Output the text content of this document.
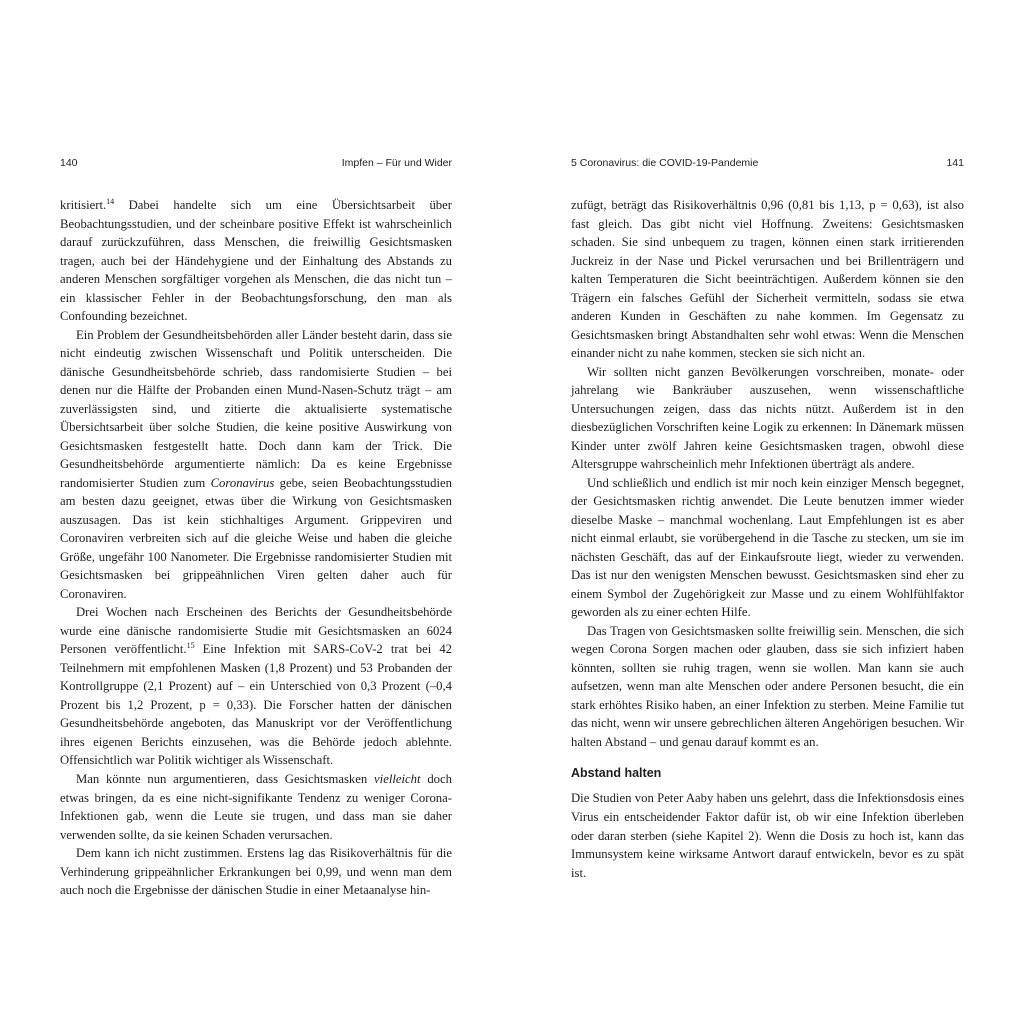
140	Impfen – Für und Wider

kritisiert.$^{14}$ Dabei handelte sich um eine Übersichtsarbeit über Beobachtungsstudien, und der scheinbare positive Effekt ist wahrscheinlich darauf zurückzuführen, dass Menschen, die freiwillig Gesichtsmasken tragen, auch bei der Händehygiene und der Einhaltung des Abstands zu anderen Menschen sorgfältiger vorgehen als Menschen, die das nicht tun – ein klassischer Fehler in der Beobachtungsforschung, den man als Confounding bezeichnet.

Ein Problem der Gesundheitsbehörden aller Länder besteht darin, dass sie nicht eindeutig zwischen Wissenschaft und Politik unterscheiden. Die dänische Gesundheitsbehörde schrieb, dass randomisierte Studien – bei denen nur die Hälfte der Probanden einen Mund-Nasen-Schutz trägt – am zuverlässigsten sind, und zitierte die aktualisierte systematische Übersichtsarbeit über solche Studien, die keine positive Auswirkung von Gesichtsmasken festgestellt hatte. Doch dann kam der Trick. Die Gesundheitsbehörde argumentierte nämlich: Da es keine Ergebnisse randomisierter Studien zum Coronavirus gebe, seien Beobachtungsstudien am besten dazu geeignet, etwas über die Wirkung von Gesichtsmasken auszusagen. Das ist kein stichhaltiges Argument. Grippeviren und Coronaviren verbreiten sich auf die gleiche Weise und haben die gleiche Größe, ungefähr 100 Nanometer. Die Ergebnisse randomisierter Studien mit Gesichtsmasken bei grippeähnlichen Viren gelten daher auch für Coronaviren.

Drei Wochen nach Erscheinen des Berichts der Gesundheitsbehörde wurde eine dänische randomisierte Studie mit Gesichtsmasken an 6024 Personen veröffentlicht.$^{15}$ Eine Infektion mit SARS-CoV-2 trat bei 42 Teilnehmern mit empfohlenen Masken (1,8 Prozent) und 53 Probanden der Kontrollgruppe (2,1 Prozent) auf – ein Unterschied von 0,3 Prozent (–0,4 Prozent bis 1,2 Prozent, p = 0,33). Die Forscher hatten der dänischen Gesundheitsbehörde angeboten, das Manuskript vor der Veröffentlichung ihres eigenen Berichts einzusehen, was die Behörde jedoch ablehnte. Offensichtlich war Politik wichtiger als Wissenschaft.

Man könnte nun argumentieren, dass Gesichtsmasken vielleicht doch etwas bringen, da es eine nicht-signifikante Tendenz zu weniger Corona-Infektionen gab, wenn die Leute sie trugen, und dass man sie daher verwenden sollte, da sie keinen Schaden verursachen.

Dem kann ich nicht zustimmen. Erstens lag das Risikoverhältnis für die Verhinderung grippeähnlicher Erkrankungen bei 0,99, und wenn man dem auch noch die Ergebnisse der dänischen Studie in einer Metaanalyse hin-

5 Coronavirus: die COVID-19-Pandemie	141

zufügt, beträgt das Risikoverhältnis 0,96 (0,81 bis 1,13, p = 0,63), ist also fast gleich. Das gibt nicht viel Hoffnung. Zweitens: Gesichtsmasken schaden. Sie sind unbequem zu tragen, können einen stark irritierenden Juckreiz in der Nase und Pickel verursachen und bei Brillenträgern und kalten Temperaturen die Sicht beeinträchtigen. Außerdem können sie den Trägern ein falsches Gefühl der Sicherheit vermitteln, sodass sie etwa anderen Kunden in Geschäften zu nahe kommen. Im Gegensatz zu Gesichtsmasken bringt Abstandhalten sehr wohl etwas: Wenn die Menschen einander nicht zu nahe kommen, stecken sie sich nicht an.

Wir sollten nicht ganzen Bevölkerungen vorschreiben, monate- oder jahrelang wie Bankräuber auszusehen, wenn wissenschaftliche Untersuchungen zeigen, dass das nichts nützt. Außerdem ist in den diesbezüglichen Vorschriften keine Logik zu erkennen: In Dänemark müssen Kinder unter zwölf Jahren keine Gesichtsmasken tragen, obwohl diese Altersgruppe wahrscheinlich mehr Infektionen überträgt als andere.

Und schließlich und endlich ist mir noch kein einziger Mensch begegnet, der Gesichtsmasken richtig anwendet. Die Leute benutzen immer wieder dieselbe Maske – manchmal wochenlang. Laut Empfehlungen ist es aber nicht einmal erlaubt, sie vorübergehend in die Tasche zu stecken, um sie im nächsten Geschäft, das auf der Einkaufsroute liegt, wieder zu verwenden. Das ist nur den wenigsten Menschen bewusst. Gesichtsmasken sind eher zu einem Symbol der Zugehörigkeit zur Masse und zu einem Wohlfühlfaktor geworden als zu einer echten Hilfe.

Das Tragen von Gesichtsmasken sollte freiwillig sein. Menschen, die sich wegen Corona Sorgen machen oder glauben, dass sie sich infiziert haben könnten, sollten sie ruhig tragen, wenn sie wollen. Man kann sie auch aufsetzen, wenn man alte Menschen oder andere Personen besucht, die ein stark erhöhtes Risiko haben, an einer Infektion zu sterben. Meine Familie tut das nicht, wenn wir unsere gebrechlichen älteren Angehörigen besuchen. Wir halten Abstand – und genau darauf kommt es an.

Abstand halten

Die Studien von Peter Aaby haben uns gelehrt, dass die Infektionsdosis eines Virus ein entscheidender Faktor dafür ist, ob wir eine Infektion überleben oder daran sterben (siehe Kapitel 2). Wenn die Dosis zu hoch ist, kann das Immunsystem keine wirksame Antwort darauf entwickeln, bevor es zu spät ist.
